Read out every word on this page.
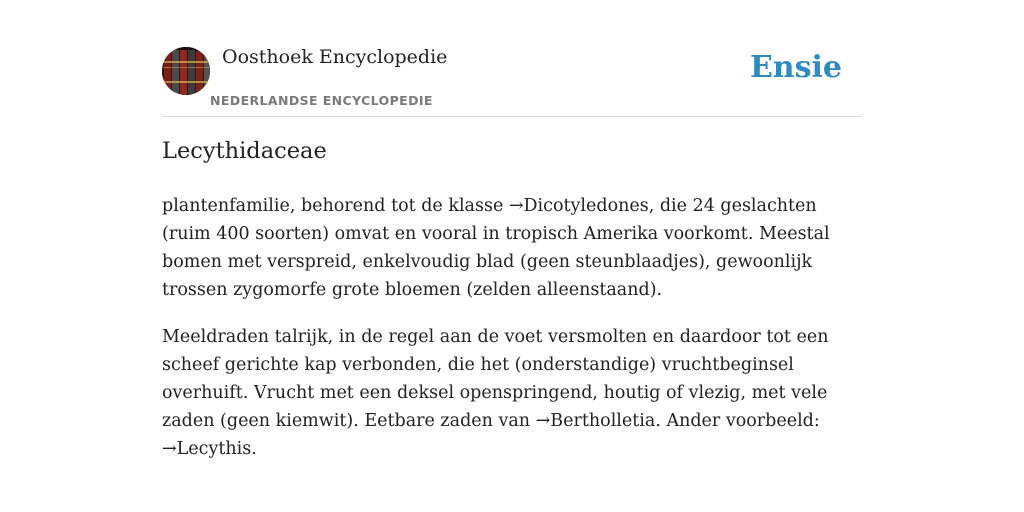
Oosthoek Encyclopedie
NEDERLANDSE ENCYCLOPEDIE
Ensie
Lecythidaceae

plantenfamilie, behorend tot de klasse →Dicotyledones, die 24 geslachten (ruim 400 soorten) omvat en vooral in tropisch Amerika voorkomt. Meestal bomen met verspreid, enkelvoudig blad (geen steunblaadjes), gewoonlijk trossen zygomorfe grote bloemen (zelden alleenstaand).

Meeldraden talrijk, in de regel aan de voet versmolten en daardoor tot een scheef gerichte kap verbonden, die het (onderstandige) vruchtbeginsel overhuift. Vrucht met een deksel openspringend, houtig of vlezig, met vele zaden (geen kiemwit). Eetbare zaden van →Bertholletia. Ander voorbeeld: →Lecythis.
